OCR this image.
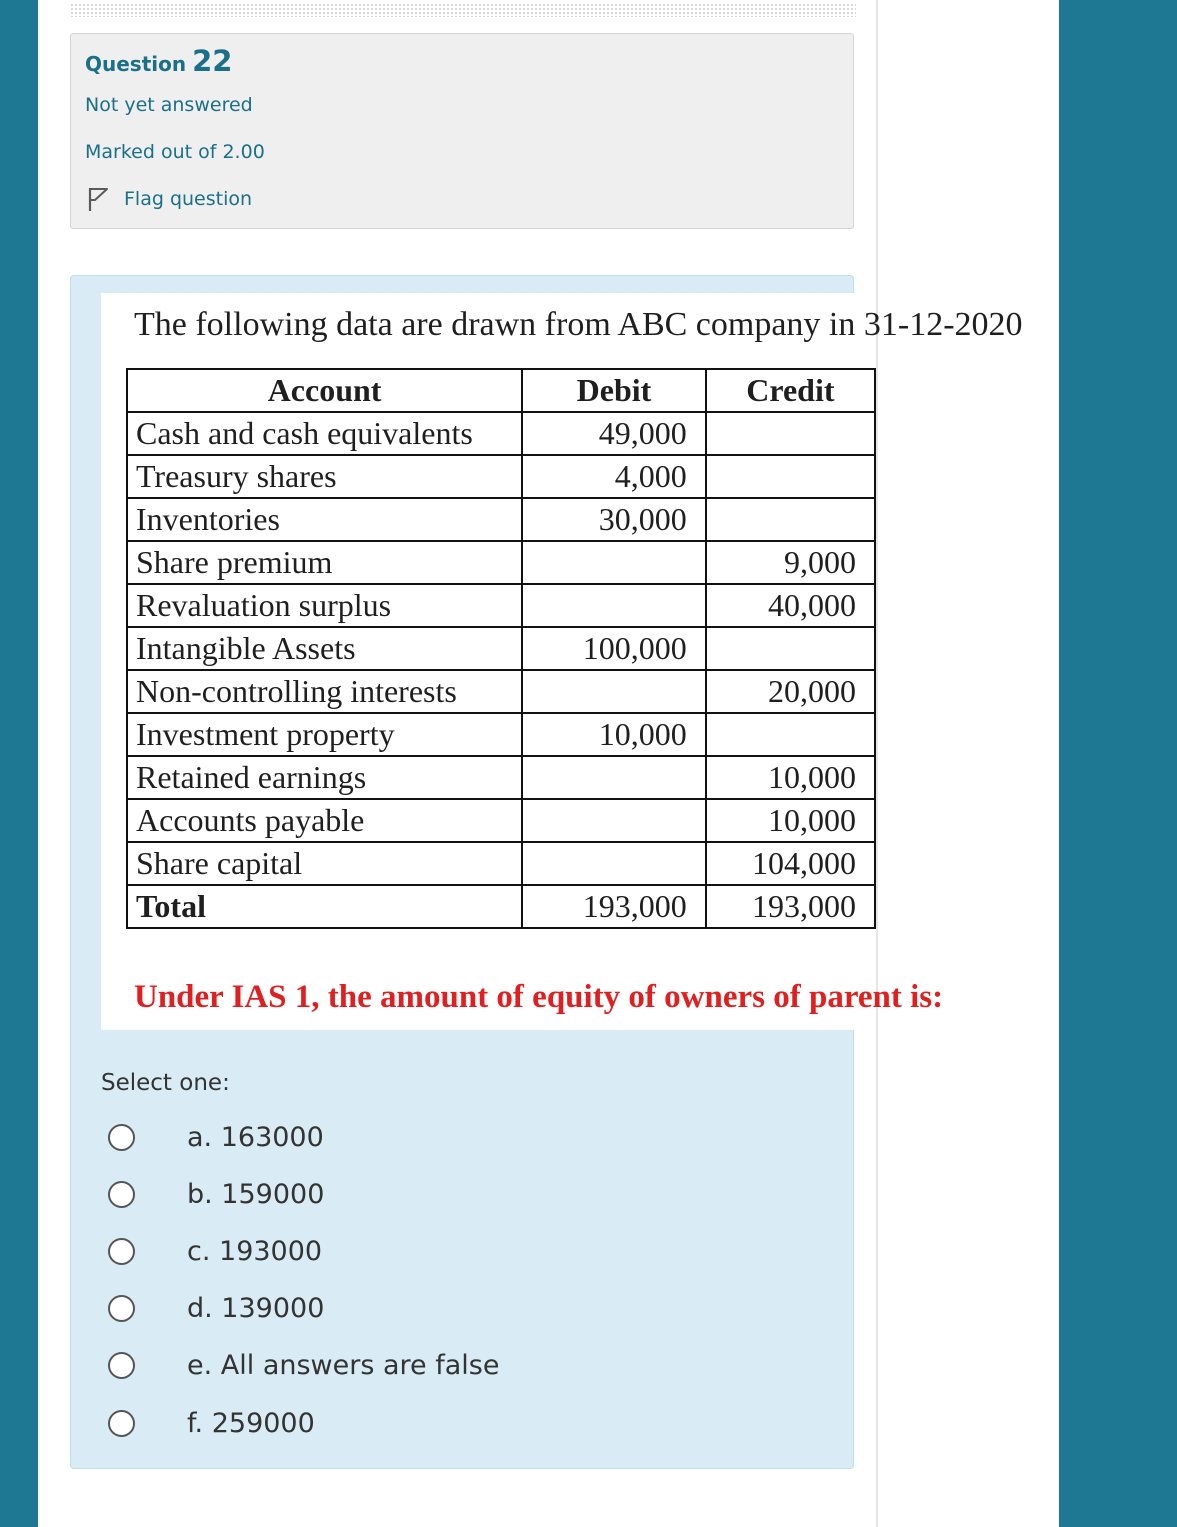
Question 22
Not yet answered
Marked out of 2.00
Flag question
The following data are drawn from ABC company in 31-12-2020
Account	Debit	Credit
Cash and cash equivalents	49,000	
Treasury shares	4,000	
Inventories	30,000	
Share premium		9,000
Revaluation surplus		40,000
Intangible Assets	100,000	
Non-controlling interests		20,000
Investment property	10,000	
Retained earnings		10,000
Accounts payable		10,000
Share capital		104,000
Total	193,000	193,000
Under IAS 1, the amount of equity of owners of parent is:
Select one:
a. 163000
b. 159000
c. 193000
d. 139000
e. All answers are false
f. 259000
